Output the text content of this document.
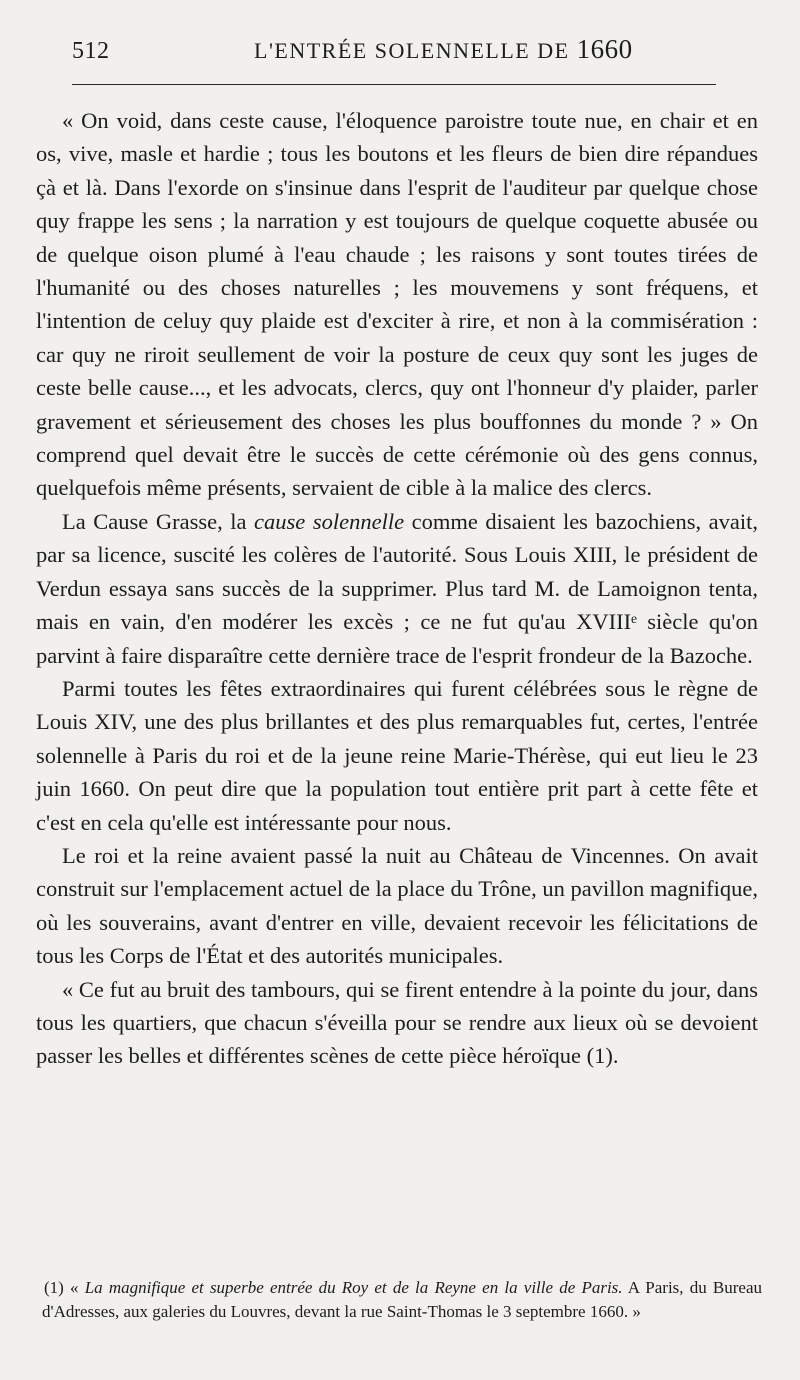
512	L'ENTRÉE SOLENNELLE DE 1660

« On void, dans ceste cause, l'éloquence paroistre toute nue, en chair et en os, vive, masle et hardie ; tous les boutons et les fleurs de bien dire répandues çà et là. Dans l'exorde on s'insinue dans l'esprit de l'auditeur par quelque chose quy frappe les sens ; la narration y est toujours de quelque coquette abusée ou de quelque oison plumé à l'eau chaude ; les raisons y sont toutes tirées de l'humanité ou des choses naturelles ; les mouvemens y sont fréquens, et l'intention de celuy quy plaide est d'exciter à rire, et non à la commisération : car quy ne riroit seullement de voir la posture de ceux quy sont les juges de ceste belle cause..., et les advocats, clercs, quy ont l'honneur d'y plaider, parler gravement et sérieusement des choses les plus bouffonnes du monde ? » On comprend quel devait être le succès de cette cérémonie où des gens connus, quelquefois même présents, servaient de cible à la malice des clercs.

La Cause Grasse, la cause solennelle comme disaient les bazochiens, avait, par sa licence, suscité les colères de l'autorité. Sous Louis XIII, le président de Verdun essaya sans succès de la supprimer. Plus tard M. de Lamoignon tenta, mais en vain, d'en modérer les excès ; ce ne fut qu'au XVIIIᵉ siècle qu'on parvint à faire disparaître cette dernière trace de l'esprit frondeur de la Bazoche.

Parmi toutes les fêtes extraordinaires qui furent célébrées sous le règne de Louis XIV, une des plus brillantes et des plus remarquables fut, certes, l'entrée solennelle à Paris du roi et de la jeune reine Marie-Thérèse, qui eut lieu le 23 juin 1660. On peut dire que la population tout entière prit part à cette fête et c'est en cela qu'elle est intéressante pour nous.

Le roi et la reine avaient passé la nuit au Château de Vincennes. On avait construit sur l'emplacement actuel de la place du Trône, un pavillon magnifique, où les souverains, avant d'entrer en ville, devaient recevoir les félicitations de tous les Corps de l'État et des autorités municipales.

« Ce fut au bruit des tambours, qui se firent entendre à la pointe du jour, dans tous les quartiers, que chacun s'éveilla pour se rendre aux lieux où se devoient passer les belles et différentes scènes de cette pièce héroïque (1).

(1) « La magnifique et superbe entrée du Roy et de la Reyne en la ville de Paris. A Paris, du Bureau d'Adresses, aux galeries du Louvres, devant la rue Saint-Thomas le 3 septembre 1660. »
